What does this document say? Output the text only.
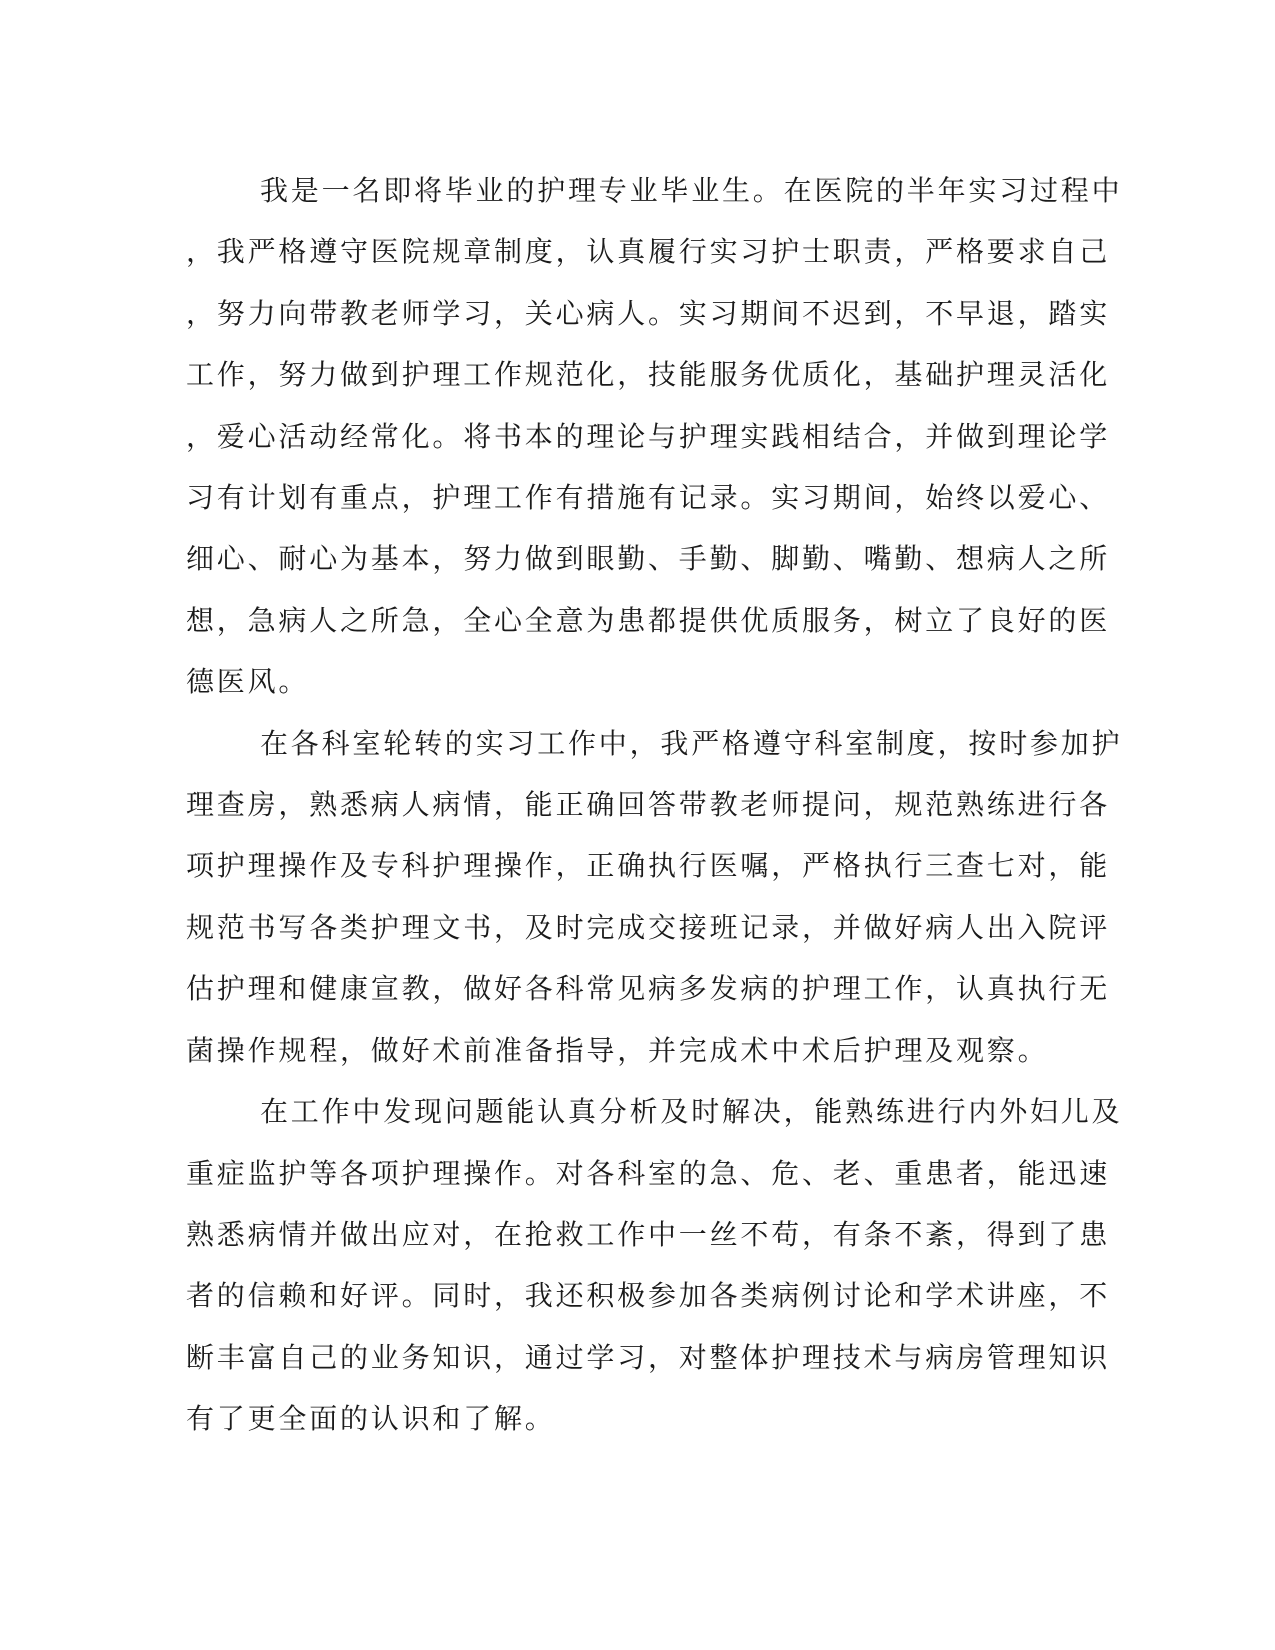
我是一名即将毕业的护理专业毕业生。在医院的半年实习过程中
，我严格遵守医院规章制度，认真履行实习护士职责，严格要求自己
，努力向带教老师学习，关心病人。实习期间不迟到，不早退，踏实
工作，努力做到护理工作规范化，技能服务优质化，基础护理灵活化
，爱心活动经常化。将书本的理论与护理实践相结合，并做到理论学
习有计划有重点，护理工作有措施有记录。实习期间，始终以爱心、
细心、耐心为基本，努力做到眼勤、手勤、脚勤、嘴勤、想病人之所
想，急病人之所急，全心全意为患都提供优质服务，树立了良好的医
德医风。

在各科室轮转的实习工作中，我严格遵守科室制度，按时参加护
理查房，熟悉病人病情，能正确回答带教老师提问，规范熟练进行各
项护理操作及专科护理操作，正确执行医嘱，严格执行三查七对，能
规范书写各类护理文书，及时完成交接班记录，并做好病人出入院评
估护理和健康宣教，做好各科常见病多发病的护理工作，认真执行无
菌操作规程，做好术前准备指导，并完成术中术后护理及观察。

在工作中发现问题能认真分析及时解决，能熟练进行内外妇儿及
重症监护等各项护理操作。对各科室的急、危、老、重患者，能迅速
熟悉病情并做出应对，在抢救工作中一丝不苟，有条不紊，得到了患
者的信赖和好评。同时，我还积极参加各类病例讨论和学术讲座，不
断丰富自己的业务知识，通过学习，对整体护理技术与病房管理知识
有了更全面的认识和了解。
